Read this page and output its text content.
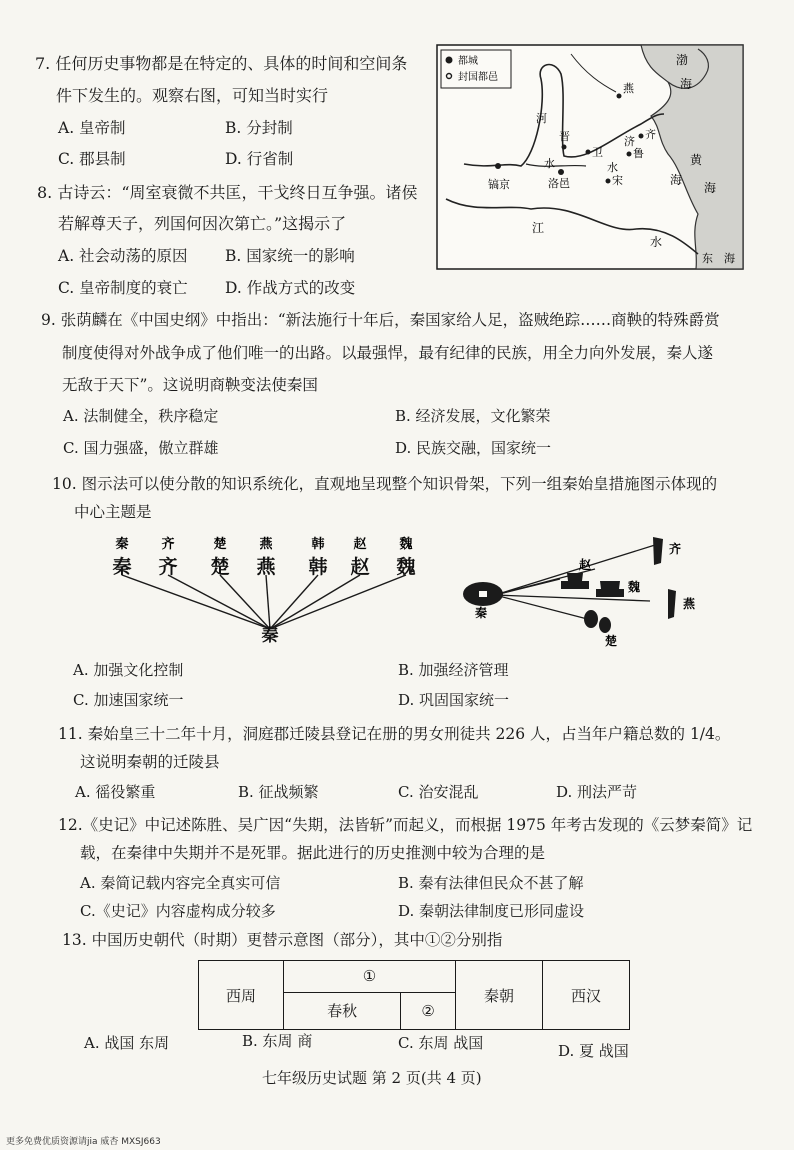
7. 任何历史事物都是在特定的、具体的时间和空间条
件下发生的。观察右图，可知当时实行
A. 皇帝制	B. 分封制
C. 郡县制	D. 行省制
8. 古诗云：“周室衰微不共匡，干戈终日互争强。诸侯
若解尊天子，列国何因次第亡。”这揭示了
A. 社会动荡的原因 B. 国家统一的影响
C. 皇帝制度的衰亡 D. 作战方式的改变
都城
封国都邑
燕
渤
海
河
晋
卫
济
齐
鲁
水	水
宋
黄
海
海
镐京	洛邑
江
水
东 海
9. 张荫麟在《中国史纲》中指出：“新法施行十年后，秦国家给人足，盗贼绝踪……商鞅的特殊爵赏
制度使得对外战争成了他们唯一的出路。以最强悍，最有纪律的民族，用全力向外发展，秦人遂
无敌于天下”。这说明商鞅变法使秦国
A. 法制健全，秩序稳定	B. 经济发展，文化繁荣
C. 国力强盛，傲立群雄	D. 民族交融，国家统一
10. 图示法可以使分散的知识系统化，直观地呈现整个知识骨架，下列一组秦始皇措施图示体现的
中心主题是
秦	齐	楚	燕	韩 赵	魏
秦 齐 楚 燕 韩 赵 魏
秦
秦
齐
赵
魏
燕
楚
A. 加强文化控制	B. 加强经济管理
C. 加速国家统一	D. 巩固国家统一
11. 秦始皇三十二年十月，洞庭郡迁陵县登记在册的男女刑徒共 226 人，占当年户籍总数的 1/4。
这说明秦朝的迁陵县
A. 徭役繁重	B. 征战频繁	C. 治安混乱	D. 刑法严苛
12.《史记》中记述陈胜、吴广因“失期，法皆斩”而起义，而根据 1975 年考古发现的《云梦秦简》记
载，在秦律中失期并不是死罪。据此进行的历史推测中较为合理的是
A. 秦简记载内容完全真实可信	B. 秦有法律但民众不甚了解
C.《史记》内容虚构成分较多	D. 秦朝法律制度已形同虚设
13. 中国历史朝代（时期）更替示意图（部分），其中①②分别指
西周	①		秦朝	西汉
	春秋	②		
A. 战国 东周	B. 东周 商	C. 东周 战国	D. 夏 战国
七年级历史试题 第 2 页(共 4 页)
更多免费优质资源请jia 威杏 MXSJ663
